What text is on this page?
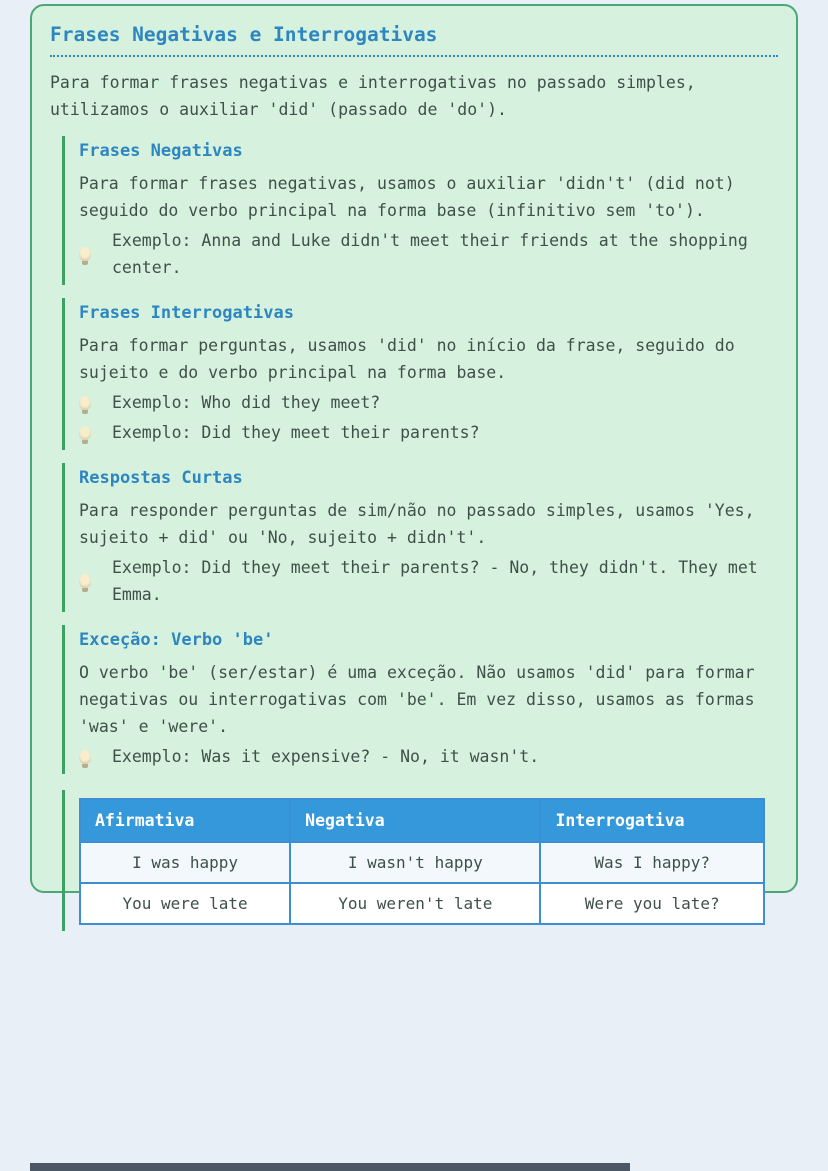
Frases Negativas e Interrogativas

Para formar frases negativas e interrogativas no passado simples, utilizamos o auxiliar 'did' (passado de 'do').

Frases Negativas

Para formar frases negativas, usamos o auxiliar 'didn't' (did not) seguido do verbo principal na forma base (infinitivo sem 'to').

Exemplo: Anna and Luke didn't meet their friends at the shopping center.
Frases Interrogativas

Para formar perguntas, usamos 'did' no início da frase, seguido do sujeito e do verbo principal na forma base.

Exemplo: Who did they meet?
Exemplo: Did they meet their parents?
Respostas Curtas

Para responder perguntas de sim/não no passado simples, usamos 'Yes, sujeito + did' ou 'No, sujeito + didn't'.

Exemplo: Did they meet their parents? - No, they didn't. They met Emma.
Exceção: Verbo 'be'

O verbo 'be' (ser/estar) é uma exceção. Não usamos 'did' para formar negativas ou interrogativas com 'be'. Em vez disso, usamos as formas 'was' e 'were'.

Exemplo: Was it expensive? - No, it wasn't.
Afirmativa	Negativa	Interrogativa
I was happy	I wasn't happy	Was I happy?
You were late	You weren't late	Were you late?
